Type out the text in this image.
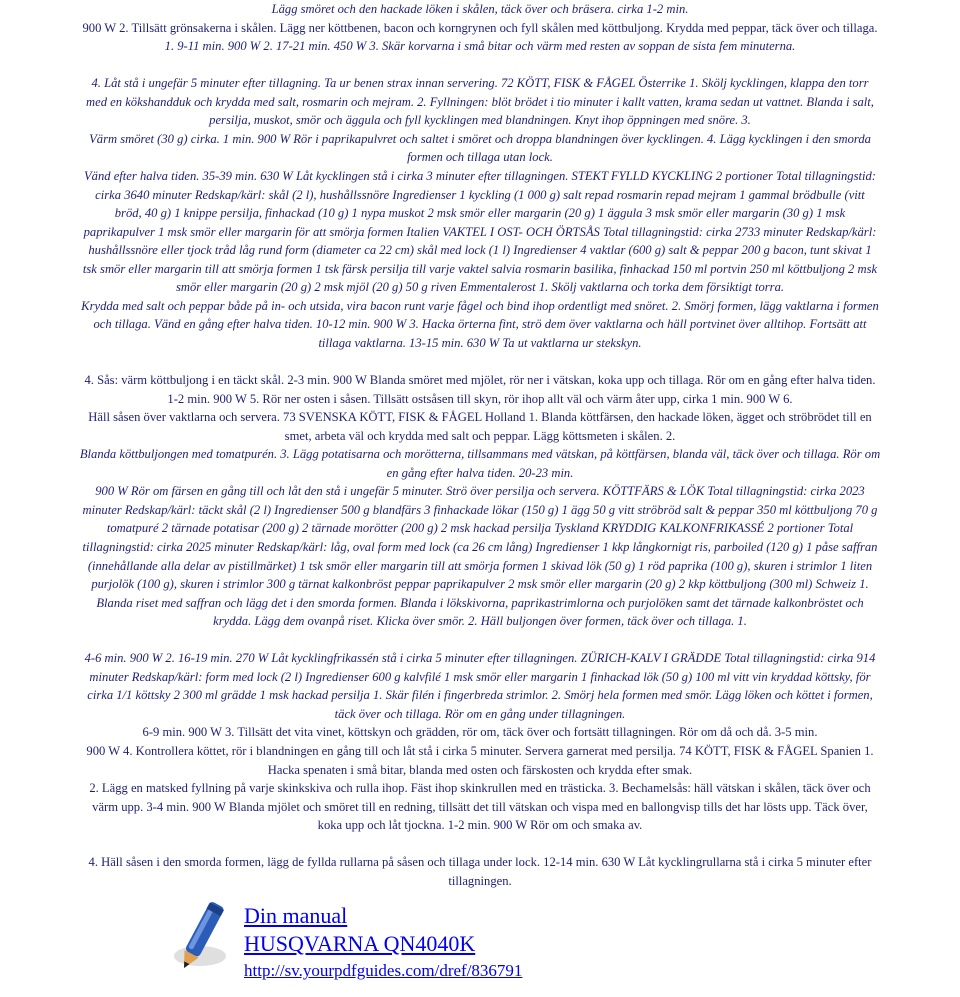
Lägg smöret och den hackade löken i skålen, täck över och bräsera. cirka 1-2 min.
900 W 2. Tillsätt grönsakerna i skålen. Lägg ner köttbenen, bacon och korngrynen och fyll skålen med köttbuljong. Krydda med peppar, täck över och tillaga.
1. 9-11 min. 900 W 2. 17-21 min. 450 W 3. Skär korvarna i små bitar och värm med resten av soppan de sista fem minuterna.
4. Låt stå i ungefär 5 minuter efter tillagning. Ta ur benen strax innan servering. 72 KÖTT, FISK & FÅGEL Österrike 1. Skölj kycklingen, klappa den torr
med en kökshandduk och krydda med salt, rosmarin och mejram. 2. Fyllningen: blöt brödet i tio minuter i kallt vatten, krama sedan ut vattnet. Blanda i salt,
persilja, muskot, smör och äggula och fyll kycklingen med blandningen. Knyt ihop öppningen med snöre. 3.
Värm smöret (30 g) cirka. 1 min. 900 W Rör i paprikapulvret och saltet i smöret och droppa blandningen över kycklingen. 4. Lägg kycklingen i den smorda
formen och tillaga utan lock.
Vänd efter halva tiden. 35-39 min. 630 W Låt kycklingen stå i cirka 3 minuter efter tillagningen. STEKT FYLLD KYCKLING 2 portioner Total tillagningstid:
cirka 3640 minuter Redskap/kärl: skål (2 l), hushållssnöre Ingredienser 1 kyckling (1 000 g) salt repad rosmarin repad mejram 1 gammal brödbulle (vitt
bröd, 40 g) 1 knippe persilja, finhackad (10 g) 1 nypa muskot 2 msk smör eller margarin (20 g) 1 äggula 3 msk smör eller margarin (30 g) 1 msk
paprikapulver 1 msk smör eller margarin för att smörja formen Italien VAKTEL I OST- OCH ÖRTSÅS Total tillagningstid: cirka 2733 minuter Redskap/kärl:
hushållssnöre eller tjock tråd låg rund form (diameter ca 22 cm) skål med lock (1 l) Ingredienser 4 vaktlar (600 g) salt & peppar 200 g bacon, tunt skivat 1
tsk smör eller margarin till att smörja formen 1 tsk färsk persilja till varje vaktel salvia rosmarin basilika, finhackad 150 ml portvin 250 ml köttbuljong 2 msk
smör eller margarin (20 g) 2 msk mjöl (20 g) 50 g riven Emmentalerost 1. Skölj vaktlarna och torka dem försiktigt torra.
Krydda med salt och peppar både på in- och utsida, vira bacon runt varje fågel och bind ihop ordentligt med snöret. 2. Smörj formen, lägg vaktlarna i formen
och tillaga. Vänd en gång efter halva tiden. 10-12 min. 900 W 3. Hacka örterna fint, strö dem över vaktlarna och häll portvinet över alltihop. Fortsätt att
tillaga vaktlarna. 13-15 min. 630 W Ta ut vaktlarna ur stekskyn.
4. Sås: värm köttbuljong i en täckt skål. 2-3 min. 900 W Blanda smöret med mjölet, rör ner i vätskan, koka upp och tillaga. Rör om en gång efter halva tiden.
1-2 min. 900 W 5. Rör ner osten i såsen. Tillsätt ostsåsen till skyn, rör ihop allt väl och värm åter upp, cirka 1 min. 900 W 6.
Häll såsen över vaktlarna och servera. 73 SVENSKA KÖTT, FISK & FÅGEL Holland 1. Blanda köttfärsen, den hackade löken, ägget och ströbrödet till en
smet, arbeta väl och krydda med salt och peppar. Lägg köttsmeten i skålen. 2.
Blanda köttbuljongen med tomatpurén. 3. Lägg potatisarna och morötterna, tillsammans med vätskan, på köttfärsen, blanda väl, täck över och tillaga. Rör om
en gång efter halva tiden. 20-23 min.
900 W Rör om färsen en gång till och låt den stå i ungefär 5 minuter. Strö över persilja och servera. KÖTTFÄRS & LÖK Total tillagningstid: cirka 2023
minuter Redskap/kärl: täckt skål (2 l) Ingredienser 500 g blandfärs 3 finhackade lökar (150 g) 1 ägg 50 g vitt ströbröd salt & peppar 350 ml köttbuljong 70 g
tomatpuré 2 tärnade potatisar (200 g) 2 tärnade morötter (200 g) 2 msk hackad persilja Tyskland KRYDDIG KALKONFRIKASSÉ 2 portioner Total
tillagningstid: cirka 2025 minuter Redskap/kärl: låg, oval form med lock (ca 26 cm lång) Ingredienser 1 kkp långkornigt ris, parboiled (120 g) 1 påse saffran
(innehållande alla delar av pistillmärket) 1 tsk smör eller margarin till att smörja formen 1 skivad lök (50 g) 1 röd paprika (100 g), skuren i strimlor 1 liten
purjolök (100 g), skuren i strimlor 300 g tärnat kalkonbröst peppar paprikapulver 2 msk smör eller margarin (20 g) 2 kkp köttbuljong (300 ml) Schweiz 1.
Blanda riset med saffran och lägg det i den smorda formen. Blanda i lökskivorna, paprikastrimlorna och purjolöken samt det tärnade kalkonbröstet och
krydda. Lägg dem ovanpå riset. Klicka över smör. 2. Häll buljongen över formen, täck över och tillaga. 1.
4-6 min. 900 W 2. 16-19 min. 270 W Låt kycklingfrikassén stå i cirka 5 minuter efter tillagningen. ZÜRICH-KALV I GRÄDDE Total tillagningstid: cirka 914
minuter Redskap/kärl: form med lock (2 l) Ingredienser 600 g kalvfilé 1 msk smör eller margarin 1 finhackad lök (50 g) 100 ml vitt vin kryddad köttsky, för
cirka 1/1 köttsky 2 300 ml grädde 1 msk hackad persilja 1. Skär filén i fingerbreda strimlor. 2. Smörj hela formen med smör. Lägg löken och köttet i formen,
täck över och tillaga. Rör om en gång under tillagningen.
6-9 min. 900 W 3. Tillsätt det vita vinet, köttskyn och grädden, rör om, täck över och fortsätt tillagningen. Rör om då och då. 3-5 min.
900 W 4. Kontrollera köttet, rör i blandningen en gång till och låt stå i cirka 5 minuter. Servera garnerat med persilja. 74 KÖTT, FISK & FÅGEL Spanien 1.
Hacka spenaten i små bitar, blanda med osten och färskosten och krydda efter smak.
2. Lägg en matsked fyllning på varje skinkskiva och rulla ihop. Fäst ihop skinkrullen med en trästicka. 3. Bechamelsås: häll vätskan i skålen, täck över och
värm upp. 3-4 min. 900 W Blanda mjölet och smöret till en redning, tillsätt det till vätskan och vispa med en ballongvisp tills det har lösts upp. Täck över,
koka upp och låt tjockna. 1-2 min. 900 W Rör om och smaka av.
4. Häll såsen i den smorda formen, lägg de fyllda rullarna på såsen och tillaga under lock. 12-14 min. 630 W Låt kycklingrullarna stå i cirka 5 minuter efter
tillagningen.
Din manual
HUSQVARNA QN4040K
http://sv.yourpdfguides.com/dref/836791
